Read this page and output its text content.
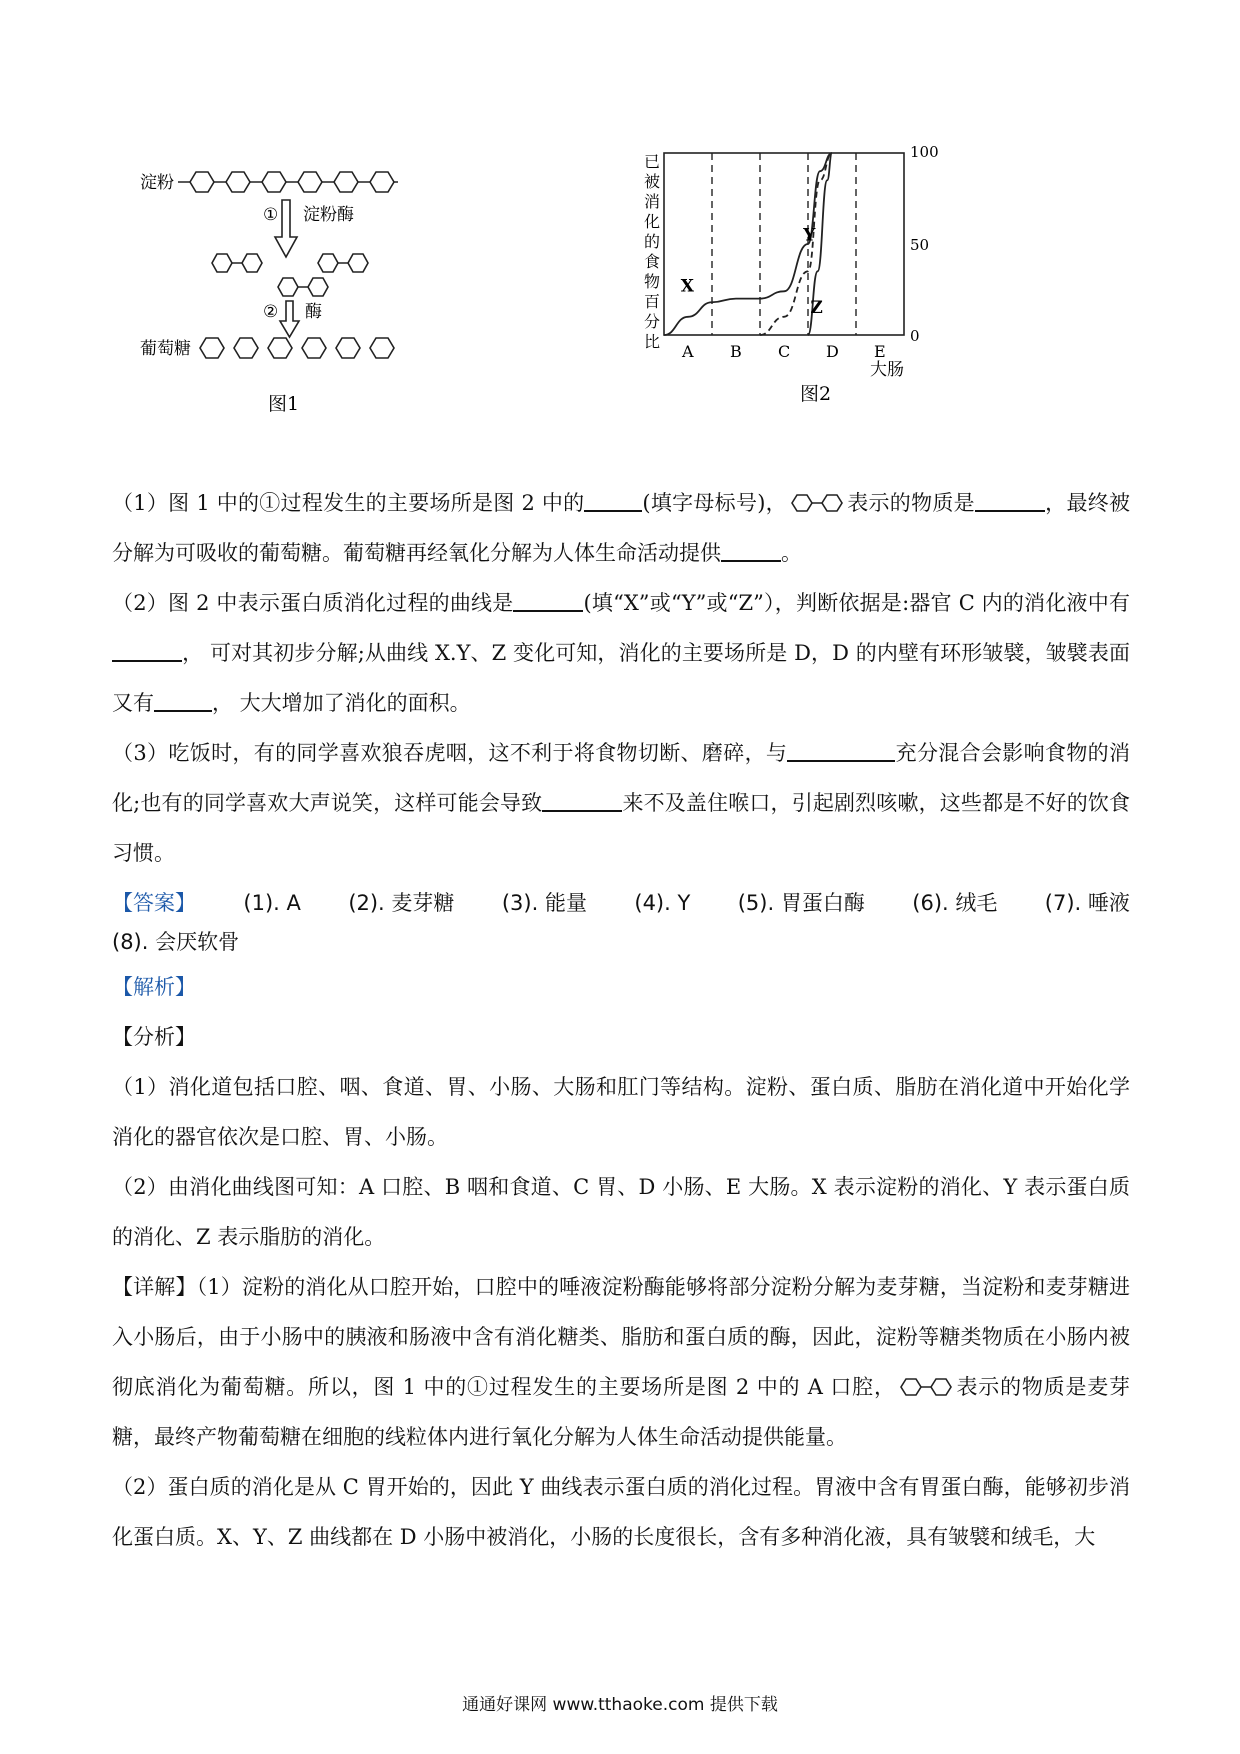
淀粉
① 淀粉酶
② 酶
葡萄糖
图1
已被消化的食物百分比
100
50
0
A B C D E
大肠
X
Y
Z
图2

（1）图 1 中的①过程发生的主要场所是图 2 中的	(填字母标号)，	表示的物质是	，最终被分解为可吸收的葡萄糖。葡萄糖再经氧化分解为人体生命活动提供	。

（2）图 2 中表示蛋白质消化过程的曲线是	(填“X”或“Y”或“Z”），判断依据是:器官 C 内的消化液中有， 可对其初步分解;从曲线 X.Y、Z 变化可知，消化的主要场所是 D，D 的内壁有环形皱襞，皱襞表面又有	， 大大增加了消化的面积。

（3）吃饭时，有的同学喜欢狼吞虎咽，这不利于将食物切断、磨碎，与	充分混合会影响食物的消化;也有的同学喜欢大声说笑，这样可能会导致	来不及盖住喉口，引起剧烈咳嗽，这些都是不好的饮食习惯。

【答案】 (1). A (2). 麦芽糖 (3). 能量 (4). Y (5). 胃蛋白酶 (6). 绒毛 (7). 唾液
(8). 会厌软骨

【解析】

【分析】

（1）消化道包括口腔、咽、食道、胃、小肠、大肠和肛门等结构。淀粉、蛋白质、脂肪在消化道中开始化学消化的器官依次是口腔、胃、小肠。

（2）由消化曲线图可知：A 口腔、B 咽和食道、C 胃、D 小肠、E 大肠。X 表示淀粉的消化、Y 表示蛋白质的消化、Z 表示脂肪的消化。

【详解】（1）淀粉的消化从口腔开始，口腔中的唾液淀粉酶能够将部分淀粉分解为麦芽糖，当淀粉和麦芽糖进入小肠后，由于小肠中的胰液和肠液中含有消化糖类、脂肪和蛋白质的酶，因此，淀粉等糖类物质在小肠内被彻底消化为葡萄糖。所以，图 1 中的①过程发生的主要场所是图 2 中的 A 口腔，	表示的物质是麦芽糖，最终产物葡萄糖在细胞的线粒体内进行氧化分解为人体生命活动提供能量。

（2）蛋白质的消化是从 C 胃开始的，因此 Y 曲线表示蛋白质的消化过程。胃液中含有胃蛋白酶，能够初步消化蛋白质。X、Y、Z 曲线都在 D 小肠中被消化，小肠的长度很长，含有多种消化液，具有皱襞和绒毛，大

通通好课网 www.tthaoke.com 提供下载
